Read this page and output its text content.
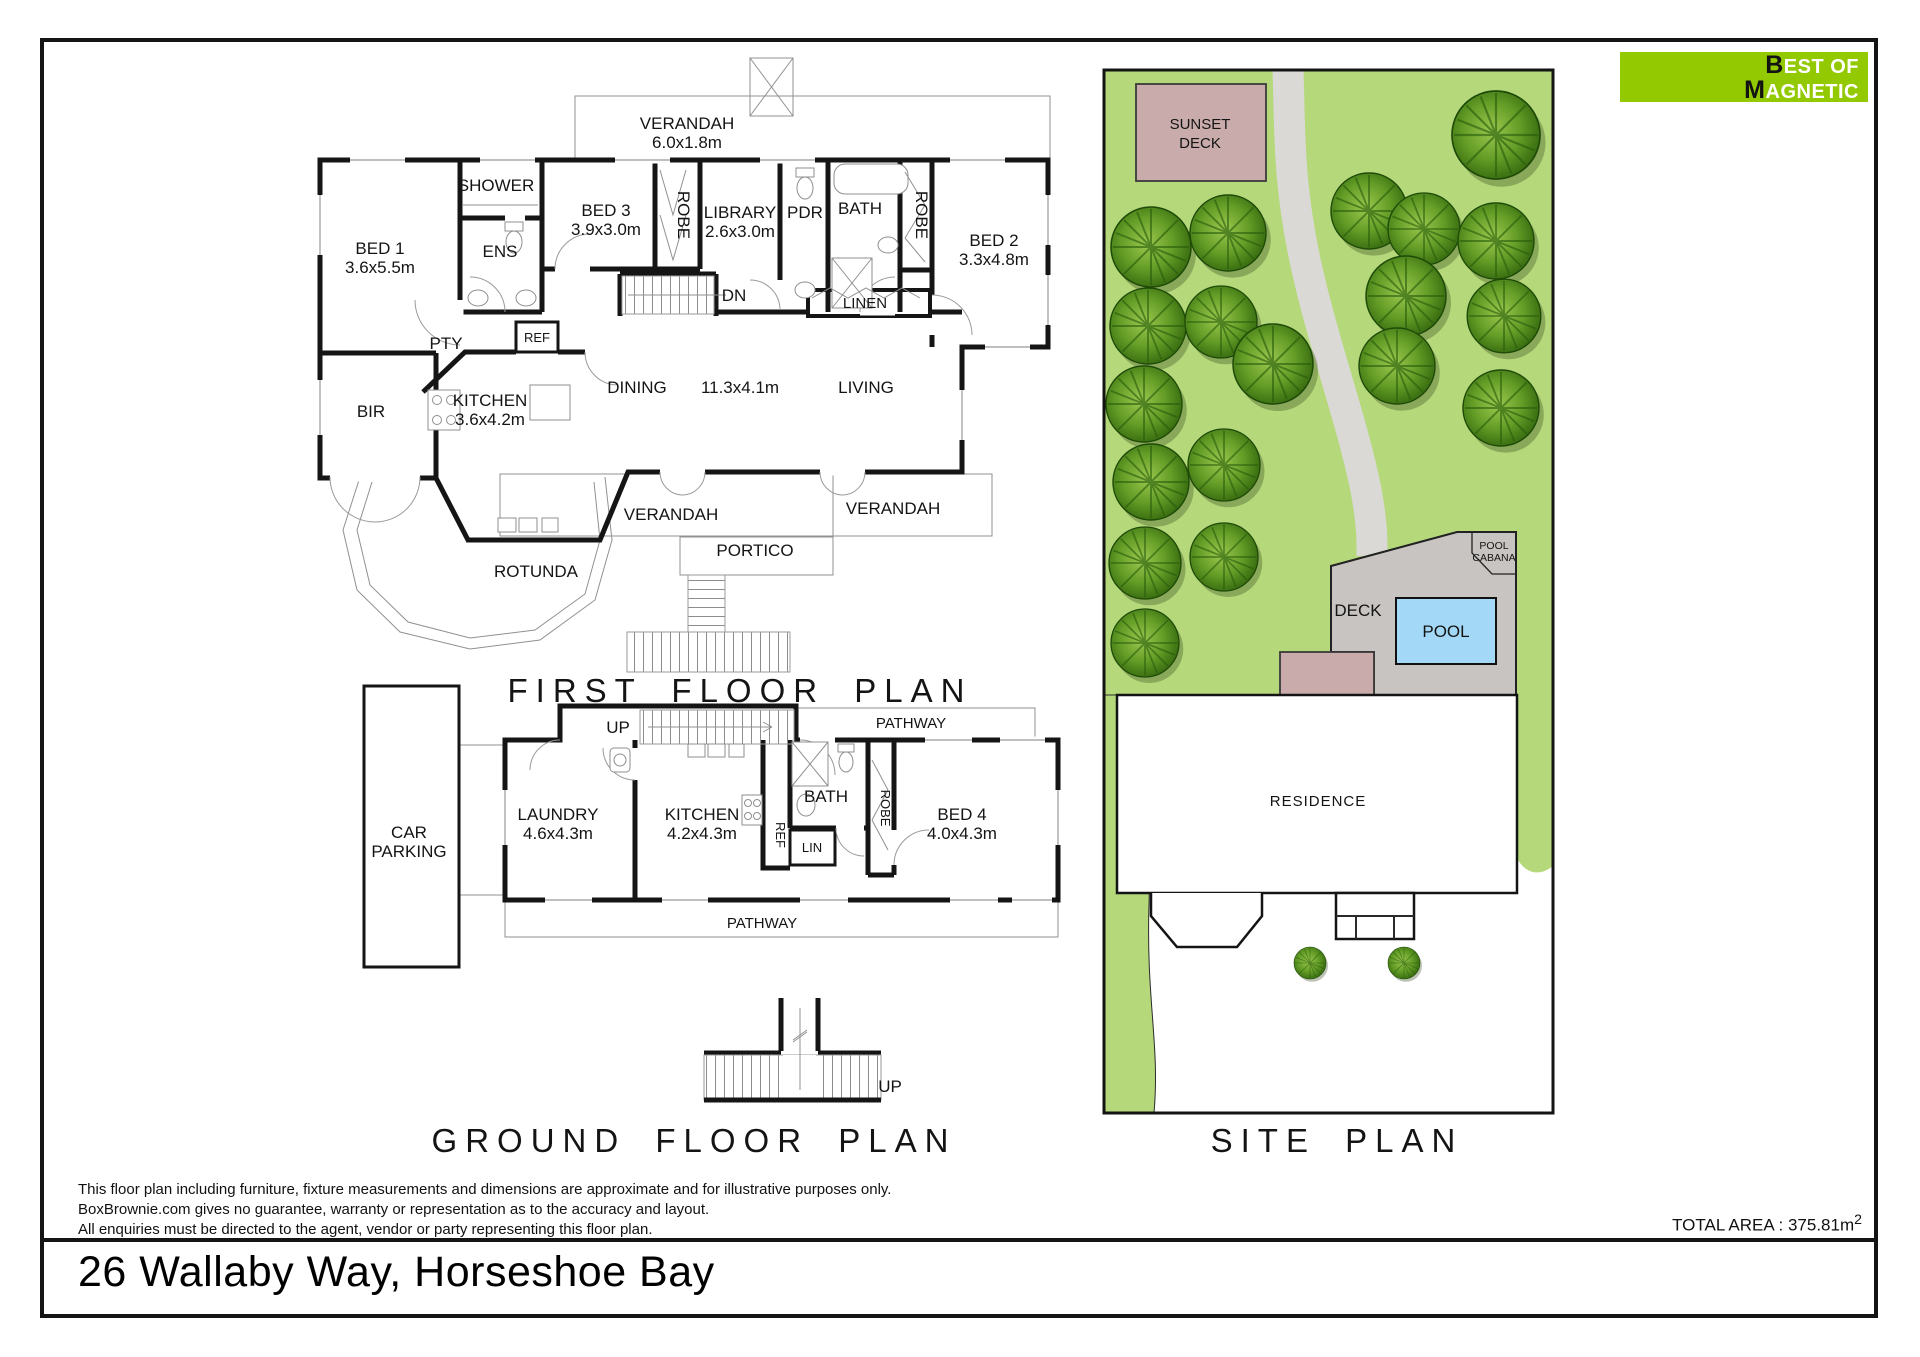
BEST OF
MAGNETIC
SUNSET
DECK
POOL
CABANA
POOL
DECK
RESIDENCE
SITE PLAN
DN
VERANDAH
6.0x1.8m
SHOWER
ENS
BED 1
3.6x5.5m
BED 3
3.9x3.0m ROBE LIBRARY
2.6x3.0m
PDR BATH ROBE
BED 2
3.3x4.8m
LINEN
PTY	REF
BIR
KITCHEN
3.6x4.2m
DINING 11.3x4.1m	LIVING
VERANDAH	VERANDAH
PORTICO
ROTUNDA
FIRST FLOOR PLAN
UP
UP
PATHWAY
CAR
PARKING
LAUNDRY
4.6x4.3m
KITCHEN
4.2x4.3m	REF LIN
BATH ROBE	BED 4
4.0x4.3m
PATHWAY
GROUND FLOOR PLAN
This floor plan including furniture, fixture measurements and dimensions are approximate and for illustrative purposes only.
BoxBrownie.com gives no guarantee, warranty or representation as to the accuracy and layout.
All enquiries must be directed to the agent, vendor or party representing this floor plan.	TOTAL AREA : $375.81m^2$
26 Wallaby Way, Horseshoe Bay
